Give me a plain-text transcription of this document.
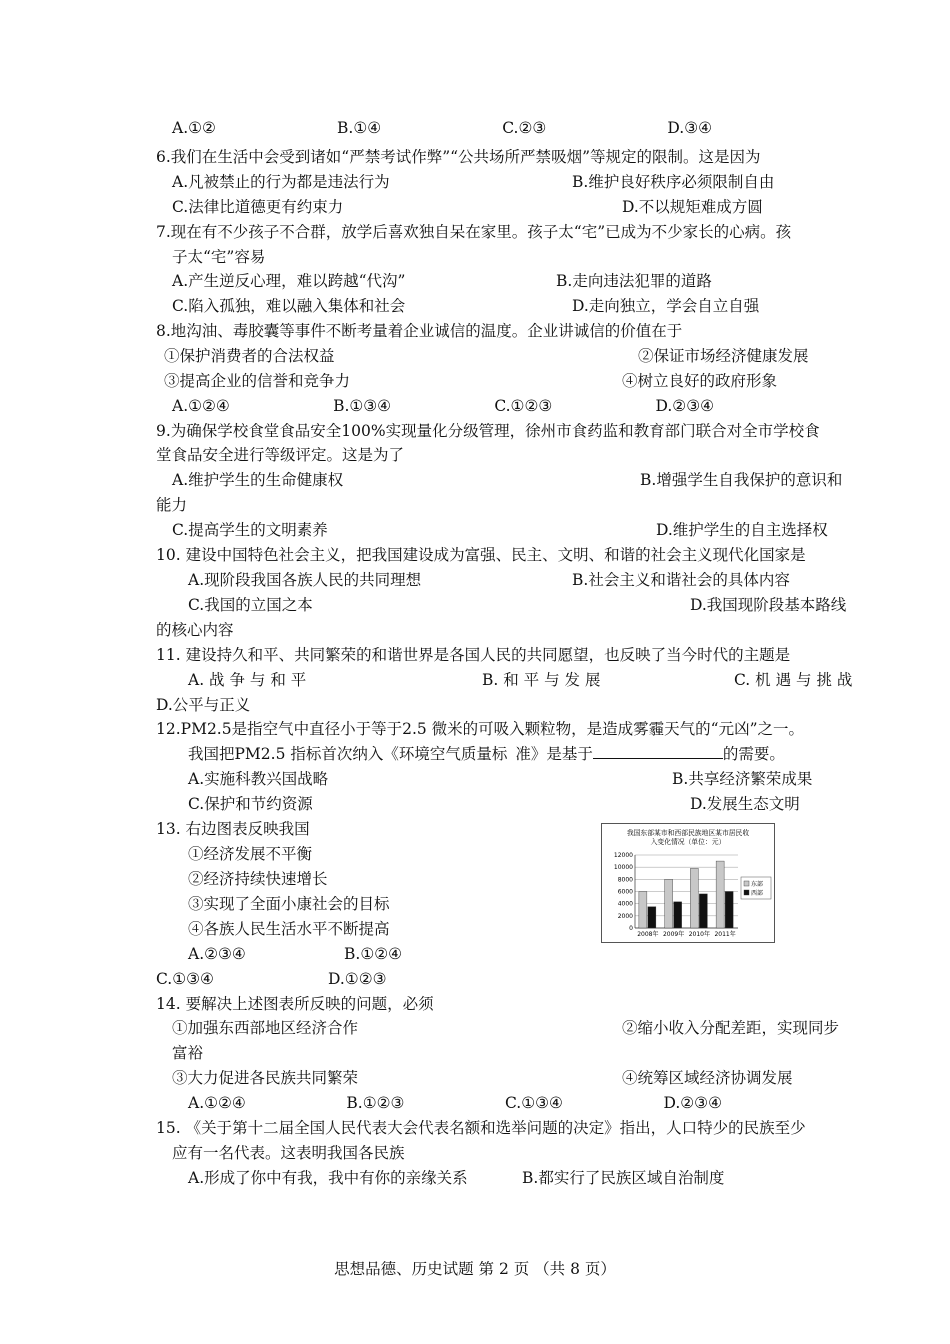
A.①②	B.①④	C.②③	D.③④
6.我们在生活中会受到诸如“严禁考试作弊”“公共场所严禁吸烟”等规定的限制。这是因为
A.凡被禁止的行为都是违法行为	B.维护良好秩序必须限制自由
C.法律比道德更有约束力	D.不以规矩难成方圆
7.现在有不少孩子不合群，放学后喜欢独自呆在家里。孩子太“宅”已成为不少家长的心病。孩
子太“宅”容易
A.产生逆反心理，难以跨越“代沟”	B.走向违法犯罪的道路
C.陷入孤独，难以融入集体和社会	D.走向独立，学会自立自强
8.地沟油、毒胶囊等事件不断考量着企业诚信的温度。企业讲诚信的价值在于
①保护消费者的合法权益	②保证市场经济健康发展
③提高企业的信誉和竞争力	④树立良好的政府形象
A.①②④	B.①③④	C.①②③	D.②③④
9.为确保学校食堂食品安全100%实现量化分级管理，徐州市食药监和教育部门联合对全市学校食
堂食品安全进行等级评定。这是为了
A.维护学生的生命健康权	B.增强学生自我保护的意识和
能力
C.提高学生的文明素养	D.维护学生的自主选择权
10. 建设中国特色社会主义，把我国建设成为富强、民主、文明、和谐的社会主义现代化国家是
A.现阶段我国各族人民的共同理想	B.社会主义和谐社会的具体内容
C.我国的立国之本	D.我国现阶段基本路线
的核心内容
11. 建设持久和平、共同繁荣的和谐世界是各国人民的共同愿望，也反映了当今时代的主题是
A. 战 争 与 和 平	B. 和 平 与 发 展	C. 机 遇 与 挑 战
D.公平与正义
12.PM2.5是指空气中直径小于等于2.5 微米的可吸入颗粒物，是造成雾霾天气的“元凶”之一。
我国把PM2.5 指标首次纳入《环境空气质量标 准》是基于	的需要。
A.实施科教兴国战略	B.共享经济繁荣成果
C.保护和节约资源	D.发展生态文明
13. 右边图表反映我国
①经济发展不平衡
②经济持续快速增长
③实现了全面小康社会的目标
④各族人民生活水平不断提高
A.②③④	B.①②④
C.①③④	D.①②③
我国东部某市和西部民族地区某市居民收
入变化情况（单位：元）
12000
10000
8000
6000
4000
2000
0
2008年 2009年 2010年 2011年
东部
西部
14. 要解决上述图表所反映的问题，必须
①加强东西部地区经济合作	②缩小收入分配差距，实现同步
富裕
③大力促进各民族共同繁荣	④统筹区域经济协调发展
A.①②④	B.①②③	C.①③④	D.②③④
15. 《关于第十二届全国人民代表大会代表名额和选举问题的决定》指出，人口特少的民族至少
应有一名代表。这表明我国各民族
A.形成了你中有我，我中有你的亲缘关系	B.都实行了民族区域自治制度
思想品德、历史试题 第 2 页 （共 8 页）
